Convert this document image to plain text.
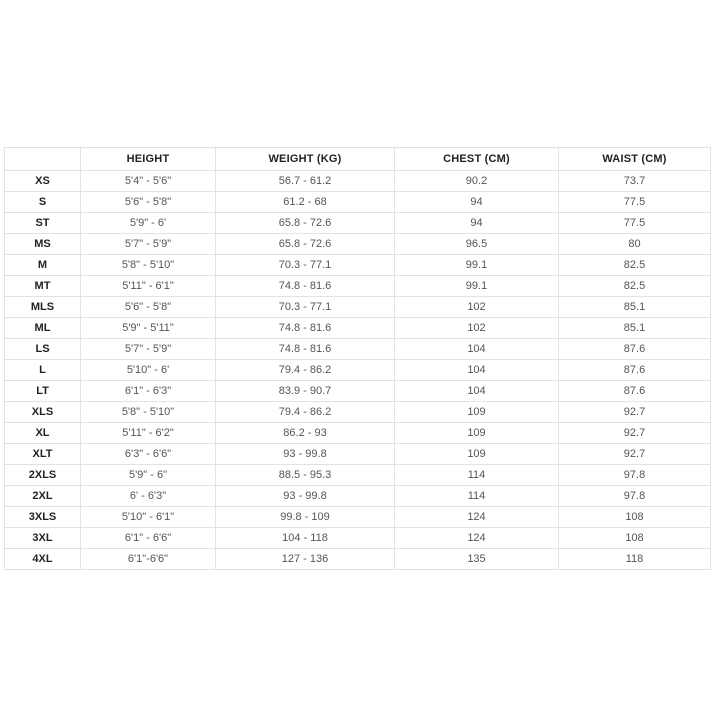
	HEIGHT	WEIGHT (KG)	CHEST (CM)	WAIST (CM)
XS	5'4" - 5'6"	56.7 - 61.2	90.2	73.7
S	5'6" - 5'8"	61.2 - 68	94	77.5
ST	5'9" - 6'	65.8 - 72.6	94	77.5
MS	5'7" - 5'9"	65.8 - 72.6	96.5	80
M	5'8" - 5'10"	70.3 - 77.1	99.1	82.5
MT	5'11" - 6'1"	74.8 - 81.6	99.1	82.5
MLS	5'6" - 5'8"	70.3 - 77.1	102	85.1
ML	5'9" - 5'11"	74.8 - 81.6	102	85.1
LS	5'7" - 5'9"	74.8 - 81.6	104	87.6
L	5'10" - 6'	79.4 - 86.2	104	87.6
LT	6'1" - 6'3"	83.9 - 90.7	104	87.6
XLS	5'8" - 5'10"	79.4 - 86.2	109	92.7
XL	5'11" - 6'2"	86.2 - 93	109	92.7
XLT	6'3" - 6'6"	93 - 99.8	109	92.7
2XLS	5'9" - 6"	88.5 - 95.3	114	97.8
2XL	6' - 6'3"	93 - 99.8	114	97.8
3XLS	5'10" - 6'1"	99.8 - 109	124	108
3XL	6'1" - 6'6"	104 - 118	124	108
4XL	6'1"-6'6"	127 - 136	135	118
